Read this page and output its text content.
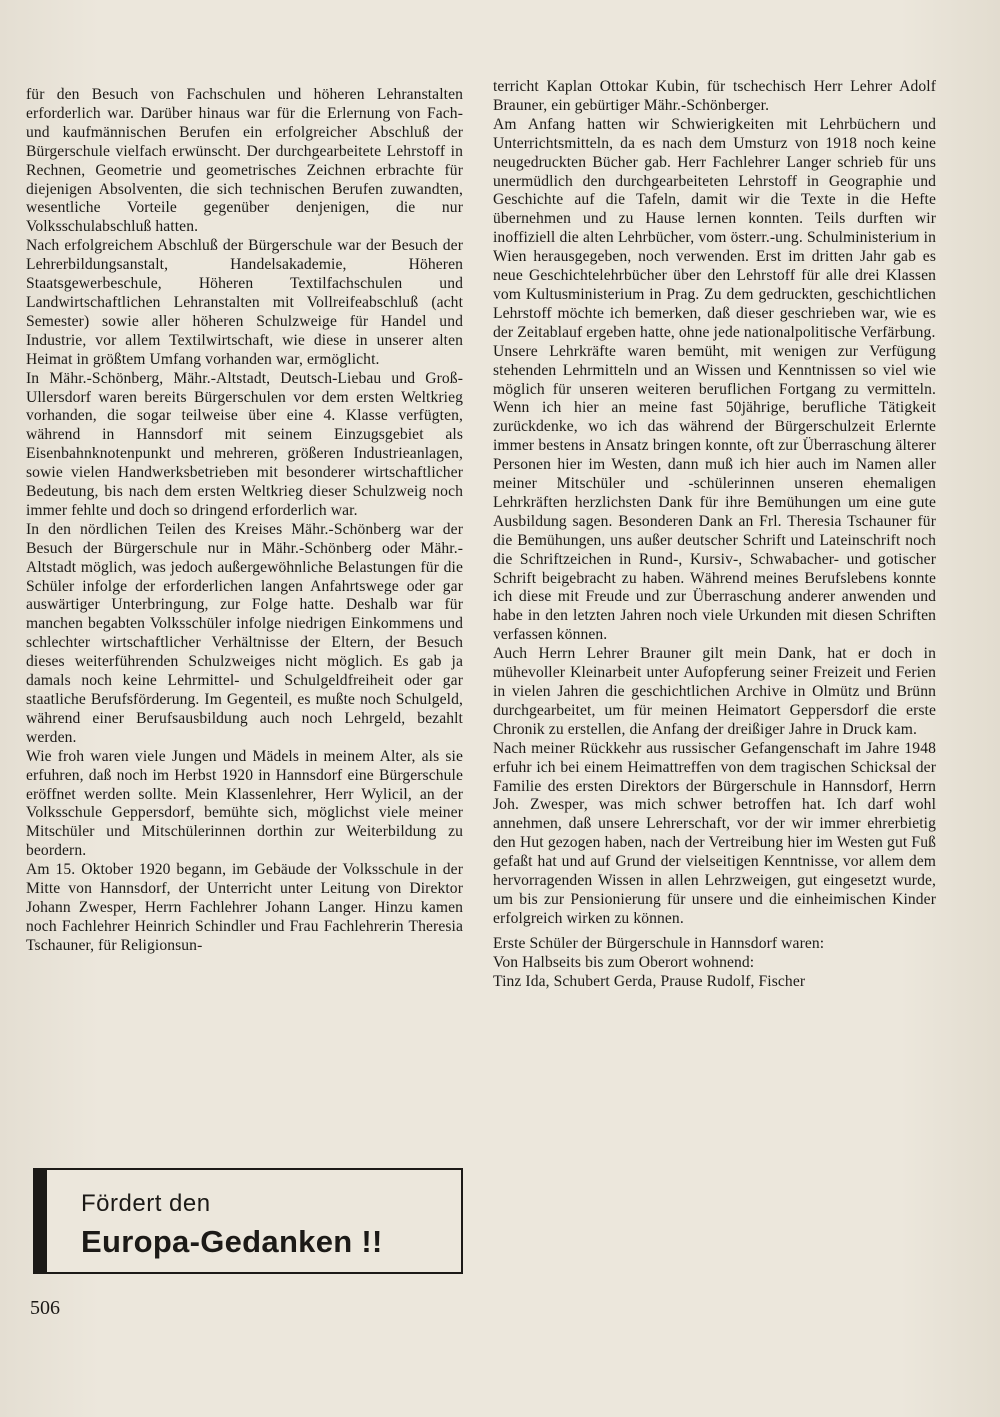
für den Besuch von Fachschulen und höheren Lehranstalten erforderlich war. Darüber hinaus war für die Erlernung von Fach- und kaufmännischen Berufen ein erfolgreicher Abschluß der Bürgerschule vielfach erwünscht. Der durchgearbeitete Lehrstoff in Rechnen, Geometrie und geometrisches Zeichnen erbrachte für diejenigen Absolventen, die sich technischen Berufen zuwandten, wesentliche Vorteile gegenüber denjenigen, die nur Volksschulabschluß hatten.

Nach erfolgreichem Abschluß der Bürgerschule war der Besuch der Lehrerbildungsanstalt, Handelsakademie, Höheren Staatsgewerbeschule, Höheren Textilfachschulen und Landwirtschaftlichen Lehranstalten mit Vollreifeabschluß (acht Semester) sowie aller höheren Schulzweige für Handel und Industrie, vor allem Textilwirtschaft, wie diese in unserer alten Heimat in größtem Umfang vorhanden war, ermöglicht.

In Mähr.-Schönberg, Mähr.-Altstadt, Deutsch-Liebau und Groß-Ullersdorf waren bereits Bürgerschulen vor dem ersten Weltkrieg vorhanden, die sogar teilweise über eine 4. Klasse verfügten, während in Hannsdorf mit seinem Einzugsgebiet als Eisenbahnknotenpunkt und mehreren, größeren Industrieanlagen, sowie vielen Handwerksbetrieben mit besonderer wirtschaftlicher Bedeutung, bis nach dem ersten Weltkrieg dieser Schulzweig noch immer fehlte und doch so dringend erforderlich war.

In den nördlichen Teilen des Kreises Mähr.-Schönberg war der Besuch der Bürgerschule nur in Mähr.-Schönberg oder Mähr.-Altstadt möglich, was jedoch außergewöhnliche Belastungen für die Schüler infolge der erforderlichen langen Anfahrtswege oder gar auswärtiger Unterbringung, zur Folge hatte. Deshalb war für manchen begabten Volksschüler infolge niedrigen Einkommens und schlechter wirtschaftlicher Verhältnisse der Eltern, der Besuch dieses weiterführenden Schulzweiges nicht möglich. Es gab ja damals noch keine Lehrmittel- und Schulgeldfreiheit oder gar staatliche Berufsförderung. Im Gegenteil, es mußte noch Schulgeld, während einer Berufsausbildung auch noch Lehrgeld, bezahlt werden.

Wie froh waren viele Jungen und Mädels in meinem Alter, als sie erfuhren, daß noch im Herbst 1920 in Hannsdorf eine Bürgerschule eröffnet werden sollte. Mein Klassenlehrer, Herr Wylicil, an der Volksschule Geppersdorf, bemühte sich, möglichst viele meiner Mitschüler und Mitschülerinnen dorthin zur Weiterbildung zu beordern.

Am 15. Oktober 1920 begann, im Gebäude der Volksschule in der Mitte von Hannsdorf, der Unterricht unter Leitung von Direktor Johann Zwesper, Herrn Fachlehrer Johann Langer. Hinzu kamen noch Fachlehrer Heinrich Schindler und Frau Fachlehrerin Theresia Tschauner, für Religionsun-

terricht Kaplan Ottokar Kubin, für tschechisch Herr Lehrer Adolf Brauner, ein gebürtiger Mähr.-Schönberger.

Am Anfang hatten wir Schwierigkeiten mit Lehrbüchern und Unterrichtsmitteln, da es nach dem Umsturz von 1918 noch keine neugedruckten Bücher gab. Herr Fachlehrer Langer schrieb für uns unermüdlich den durchgearbeiteten Lehrstoff in Geographie und Geschichte auf die Tafeln, damit wir die Texte in die Hefte übernehmen und zu Hause lernen konnten. Teils durften wir inoffiziell die alten Lehrbücher, vom österr.-ung. Schulministerium in Wien herausgegeben, noch verwenden. Erst im dritten Jahr gab es neue Geschichtelehrbücher über den Lehrstoff für alle drei Klassen vom Kultusministerium in Prag. Zu dem gedruckten, geschichtlichen Lehrstoff möchte ich bemerken, daß dieser geschrieben war, wie es der Zeitablauf ergeben hatte, ohne jede nationalpolitische Verfärbung.

Unsere Lehrkräfte waren bemüht, mit wenigen zur Verfügung stehenden Lehrmitteln und an Wissen und Kenntnissen so viel wie möglich für unseren weiteren beruflichen Fortgang zu vermitteln. Wenn ich hier an meine fast 50jährige, berufliche Tätigkeit zurückdenke, wo ich das während der Bürgerschulzeit Erlernte immer bestens in Ansatz bringen konnte, oft zur Überraschung älterer Personen hier im Westen, dann muß ich hier auch im Namen aller meiner Mitschüler und -schülerinnen unseren ehemaligen Lehrkräften herzlichsten Dank für ihre Bemühungen um eine gute Ausbildung sagen. Besonderen Dank an Frl. Theresia Tschauner für die Bemühungen, uns außer deutscher Schrift und Lateinschrift noch die Schriftzeichen in Rund-, Kursiv-, Schwabacher- und gotischer Schrift beigebracht zu haben. Während meines Berufslebens konnte ich diese mit Freude und zur Überraschung anderer anwenden und habe in den letzten Jahren noch viele Urkunden mit diesen Schriften verfassen können.

Auch Herrn Lehrer Brauner gilt mein Dank, hat er doch in mühevoller Kleinarbeit unter Aufopferung seiner Freizeit und Ferien in vielen Jahren die geschichtlichen Archive in Olmütz und Brünn durchgearbeitet, um für meinen Heimatort Geppersdorf die erste Chronik zu erstellen, die Anfang der dreißiger Jahre in Druck kam.

Nach meiner Rückkehr aus russischer Gefangenschaft im Jahre 1948 erfuhr ich bei einem Heimattreffen von dem tragischen Schicksal der Familie des ersten Direktors der Bürgerschule in Hannsdorf, Herrn Joh. Zwesper, was mich schwer betroffen hat. Ich darf wohl annehmen, daß unsere Lehrerschaft, vor der wir immer ehrerbietig den Hut gezogen haben, nach der Vertreibung hier im Westen gut Fuß gefaßt hat und auf Grund der vielseitigen Kenntnisse, vor allem dem hervorragenden Wissen in allen Lehrzweigen, gut eingesetzt wurde, um bis zur Pensionierung für unsere und die einheimischen Kinder erfolgreich wirken zu können.

Erste Schüler der Bürgerschule in Hannsdorf waren:

Von Halbseits bis zum Oberort wohnend:

Tinz Ida, Schubert Gerda, Prause Rudolf, Fischer

Fördert den
Europa-Gedanken !!
506
